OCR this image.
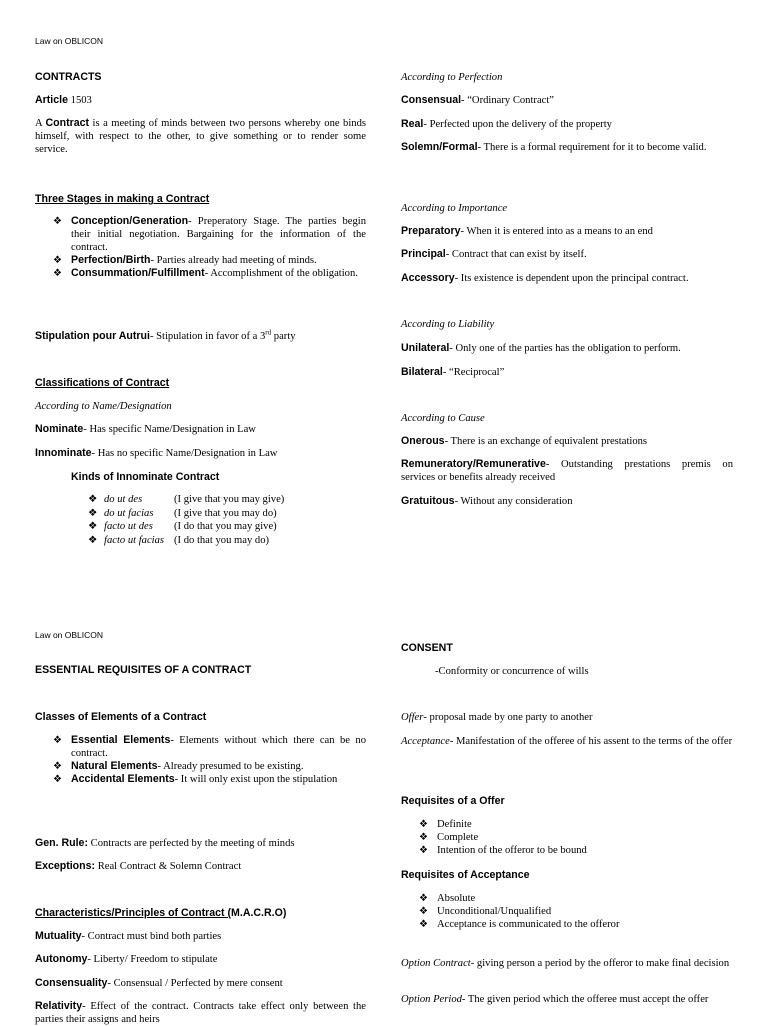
Law on OBLICON
CONTRACTS
Article 1503
A Contract is a meeting of minds between two persons whereby one binds himself, with respect to the other, to give something or to render some service.
Three Stages in making a Contract
❖ Conception/Generation- Preperatory Stage. The parties begin their initial negotiation. Bargaining for the information of the contract.
❖ Perfection/Birth- Parties already had meeting of minds.
❖ Consummation/Fulfillment- Accomplishment of the obligation.
Stipulation pour Autrui- Stipulation in favor of a 3rd party
Classifications of Contract
According to Name/Designation
Nominate- Has specific Name/Designation in Law
Innominate- Has no specific Name/Designation in Law
Kinds of Innominate Contract
❖	do ut des	(I give that you may give)
❖	do ut facias	(I give that you may do)
❖	facto ut des	(I do that you may give)
❖	facto ut facias	(I do that you may do)
According to Perfection
Consensual- “Ordinary Contract”
Real- Perfected upon the delivery of the property
Solemn/Formal- There is a formal requirement for it to become valid.
According to Importance
Preparatory- When it is entered into as a means to an end
Principal- Contract that can exist by itself.
Accessory- Its existence is dependent upon the principal contract.
According to Liability
Unilateral- Only one of the parties has the obligation to perform.
Bilateral- “Reciprocal”
According to Cause
Onerous- There is an exchange of equivalent prestations
Remuneratory/Remunerative- Outstanding prestations premis on services or benefits already received
Gratuitous- Without any consideration
Law on OBLICON
ESSENTIAL REQUISITES OF A CONTRACT
Classes of Elements of a Contract
❖ Essential Elements- Elements without which there can be no contract.
❖ Natural Elements- Already presumed to be existing.
❖ Accidental Elements- It will only exist upon the stipulation
Gen. Rule: Contracts are perfected by the meeting of minds
Exceptions: Real Contract & Solemn Contract
Characteristics/Principles of Contract (M.A.C.R.O)
Mutuality- Contract must bind both parties
Autonomy- Liberty/ Freedom to stipulate
Consensuality- Consensual / Perfected by mere consent
Relativity- Effect of the contract. Contracts take effect only between the parties their assigns and heirs
CONSENT
-Conformity or concurrence of wills
Offer- proposal made by one party to another
Acceptance- Manifestation of the offeree of his assent to the terms of the offer
Requisites of a Offer
❖ Definite
❖ Complete
❖ Intention of the offeror to be bound
Requisites of Acceptance
❖ Absolute
❖ Unconditional/Unqualified
❖ Acceptance is communicated to the offeror
Option Contract- giving person a period by the offeror to make final decision
Option Period- The given period which the offeree must accept the offer
